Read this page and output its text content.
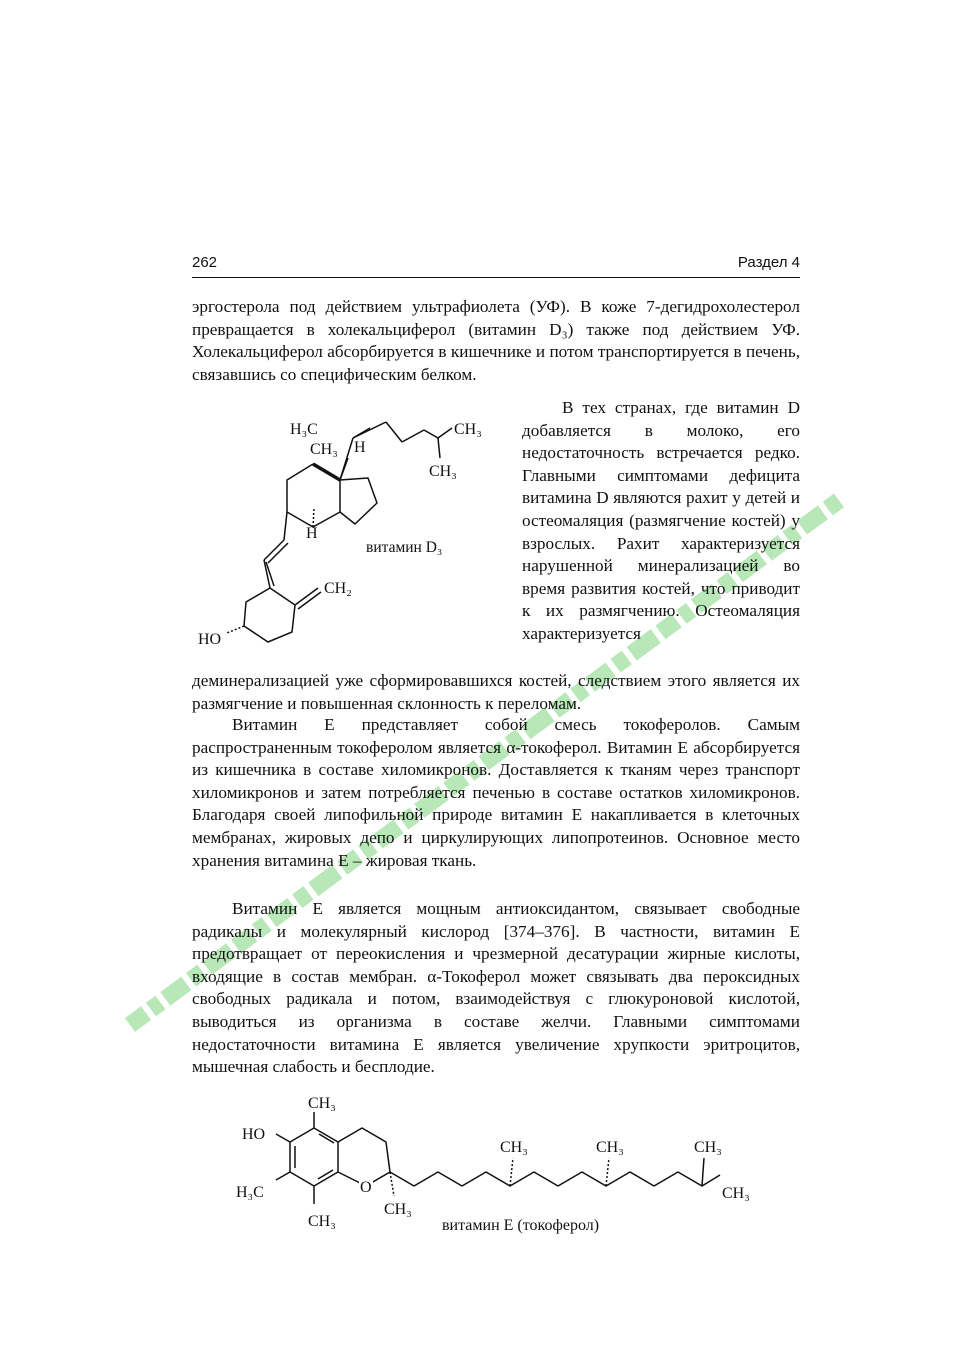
262	Раздел 4

эргостерола под действием ультрафиолета (УФ). В коже 7-дегидрохолестерол превращается в холекальциферол (витамин D₃) также под действием УФ. Холекальциферол абсорбируется в кишечнике и потом транспортируется в печень, связавшись со специфическим белком.

H₃C	CH₃
CH₃ H
CH₃
H
CH₂
HO
витамин D₃

В тех странах, где витамин D добавляется в молоко, его недостаточность встречается редко. Главными симптомами дефицита витамина D являются рахит у детей и остеомаляция (размягчение костей) у взрослых. Рахит характеризуется нарушенной минерализацией во время развития костей, что приводит к их размягчению. Остеомаляция характеризуется

деминерализацией уже сформировавшихся костей, следствием этого является их размягчение и повышенная склонность к переломам.

Витамин Е представляет собой смесь токоферолов. Самым распространенным токоферолом является α-токоферол. Витамин Е абсорбируется из кишечника в составе хиломикронов. Доставляется к тканям через транспорт хиломикронов и затем потребляется печенью в составе остатков хиломикронов. Благодаря своей липофильной природе витамин Е накапливается в клеточных мембранах, жировых депо и циркулирующих липопротеинов. Основное место хранения витамина Е – жировая ткань.

Витамин Е является мощным антиоксидантом, связывает свободные радикалы и молекулярный кислород [374–376]. В частности, витамин Е предотвращает от переокисления и чрезмерной десатурации жирные кислоты, входящие в состав мембран. α-Токоферол может связывать два пероксидных свободных радикала и потом, взаимодействуя с глюкуроновой кислотой, выводиться из организма в составе желчи. Главными симптомами недостаточности витамина Е является увеличение хрупкости эритроцитов, мышечная слабость и бесплодие.

CH₃
HO
H₃C
CH₃
O
CH₃
CH₃	CH₃	CH₃
CH₃
витамин Е (токоферол)
